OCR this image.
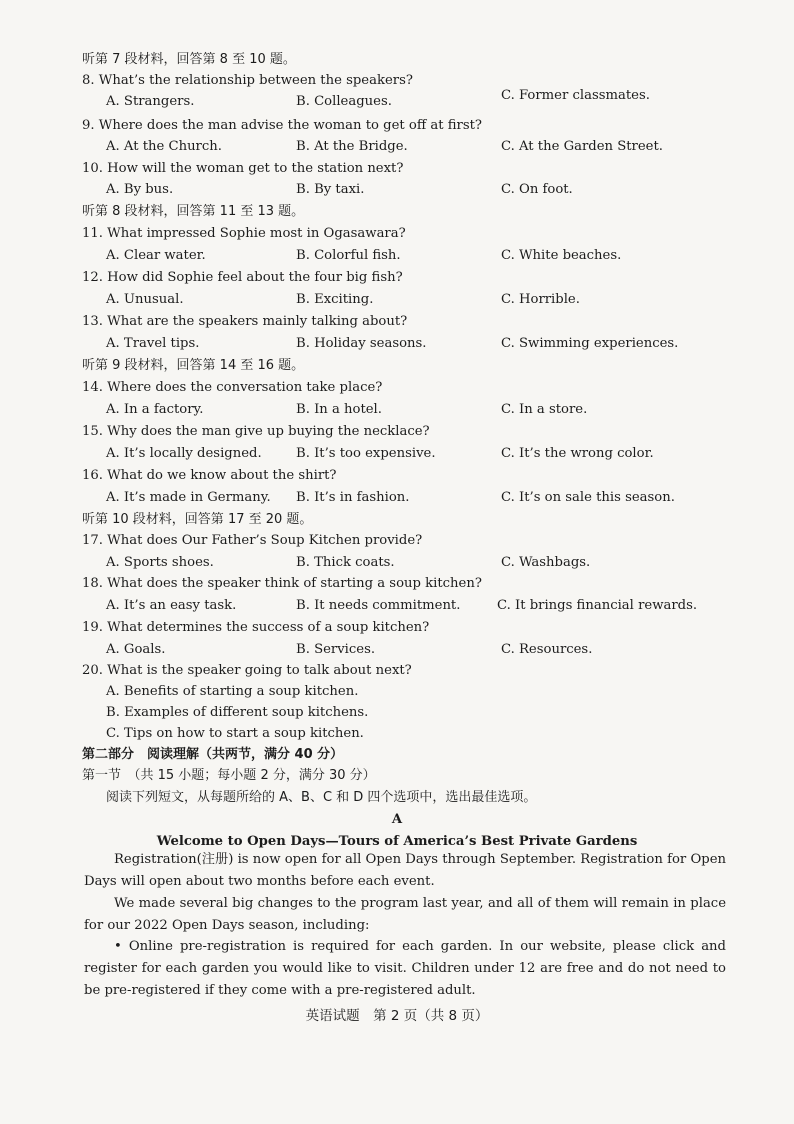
听第 7 段材料，回答第 8 至 10 题。
8. What’s the relationship between the speakers?
A. Strangers.	B. Colleagues.	C. Former classmates.
9. Where does the man advise the woman to get off at first?
A. At the Church.	B. At the Bridge.	C. At the Garden Street.
10. How will the woman get to the station next?
A. By bus.	B. By taxi.	C. On foot.
听第 8 段材料，回答第 11 至 13 题。
11. What impressed Sophie most in Ogasawara?
A. Clear water.	B. Colorful fish.	C. White beaches.
12. How did Sophie feel about the four big fish?
A. Unusual.	B. Exciting.	C. Horrible.
13. What are the speakers mainly talking about?
A. Travel tips.	B. Holiday seasons.	C. Swimming experiences.
听第 9 段材料，回答第 14 至 16 题。
14. Where does the conversation take place?
A. In a factory.	B. In a hotel.	C. In a store.
15. Why does the man give up buying the necklace?
A. It’s locally designed.	B. It’s too expensive.	C. It’s the wrong color.
16. What do we know about the shirt?
A. It’s made in Germany. B. It’s in fashion.	C. It’s on sale this season.
听第 10 段材料，回答第 17 至 20 题。
17. What does Our Father’s Soup Kitchen provide?
A. Sports shoes.	B. Thick coats.	C. Washbags.
18. What does the speaker think of starting a soup kitchen?
A. It’s an easy task.	B. It needs commitment.	C. It brings financial rewards.
19. What determines the success of a soup kitchen?
A. Goals.	B. Services.	C. Resources.
20. What is the speaker going to talk about next?
A. Benefits of starting a soup kitchen.
B. Examples of different soup kitchens.
C. Tips on how to start a soup kitchen.
第二部分　阅读理解（共两节，满分 40 分）
第一节　（共 15 小题；每小题 2 分，满分 30 分）
阅读下列短文，从每题所给的 A、B、C 和 D 四个选项中，选出最佳选项。
A
Welcome to Open Days—Tours of America’s Best Private Gardens
Registration(注册) is now open for all Open Days through September. Registration for Open Days will open about two months before each event.
We made several big changes to the program last year, and all of them will remain in place for our 2022 Open Days season, including:
• Online pre-registration is required for each garden. In our website, please click and register for each garden you would like to visit. Children under 12 are free and do not need to be pre-registered if they come with a pre-registered adult.
英语试题　第 2 页（共 8 页）
